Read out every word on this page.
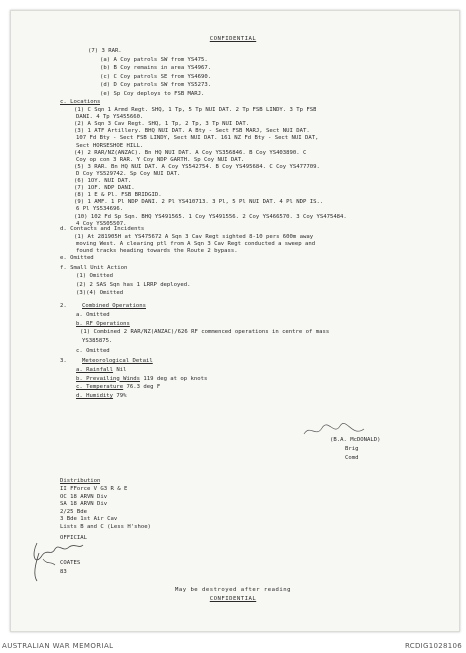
CONFIDENTIAL
(7) 3 RAR.
(a) A Coy patrols SW from YS475.
(b) B Coy remains in area YS4967.
(c) C Coy patrols SE from YS4690.
(d) D Coy patrols SW from YS5273.
(e) Sp Coy deploys to FSB MARJ.
c. Locations
(1) C Sqn 1 Armd Regt. SHQ, 1 Tp, 5 Tp NUI DAT. 2 Tp FSB LINDY. 3 Tp FSB
DANI. 4 Tp YS455660.
(2) A Sqn 3 Cav Regt. SHQ, 1 Tp, 2 Tp, 3 Tp NUI DAT.
(3) 1 ATF Artillery. BHQ NUI DAT. A Bty - Sect FSB MARJ, Sect NUI DAT.
107 Fd Bty - Sect FSB LINDY, Sect NUI DAT. 161 NZ Fd Bty - Sect NUI DAT,
Sect HORSESHOE HILL.
(4) 2 RAR/NZ(ANZAC). Bn HQ NUI DAT. A Coy YS356846. B Coy YS403890. C
Coy op con 3 RAR. Y Coy NDP GARTH. Sp Coy NUI DAT.
(5) 3 RAR. Bn HQ NUI DAT. A Coy YS542754. B Coy YS495684. C Coy YS477709.
D Coy YS529742. Sp Coy NUI DAT.
(6) 1OY. NUI DAT.
(7) 1OF. NDP DANI.
(8) 1 E & Pl. FSB BRIDGID.
(9) 1 AMF. 1 Pl NDP DANI. 2 Pl YS410713. 3 Pl, 5 Pl NUI DAT. 4 Pl NDP IS..
6 Pl YS534696.
(10) 102 Fd Sp Sqn. BHQ YS491565. 1 Coy YS491556. 2 Coy YS466570. 3 Coy YS475484.
4 Coy YS505507.
d. Contacts and Incidents
(1) At 281905H at YS475672 A Sqn 3 Cav Regt sighted 8-10 pers 600m away
moving West. A clearing ptl from A Sqn 3 Cav Regt conducted a sweep and
found tracks heading towards the Route 2 bypass.
e. Omitted
f. Small Unit Action
(1) Omitted
(2) 2 SAS Sqn has 1 LRRP deployed.
(3)(4) Omitted
2.	Combined Operations
a. Omitted
b. RF Operations
(1) Combined 2 RAR/NZ(ANZAC)/626 RF commenced operations in centre of mass
YS385875.
c. Omitted
3.	Meteorological Detail
a. Rainfall Nil
b. Prevailing Winds 119 deg at op knots
c. Temperature 76.3 deg F
d. Humidity 79%
(B.A. McDONALD)
Brig
Comd
Distribution
II FForce V G3 R & E
OC 18 ARVN Div
SA 18 ARVN Div
2/25 Bde
3 Bde 1st Air Cav
Lists B and C (Less H'shoe)
OFFICIAL
COATES
83
May be destroyed after reading
CONFIDENTIAL
AUSTRALIAN WAR MEMORIAL	RCDIG1028106
